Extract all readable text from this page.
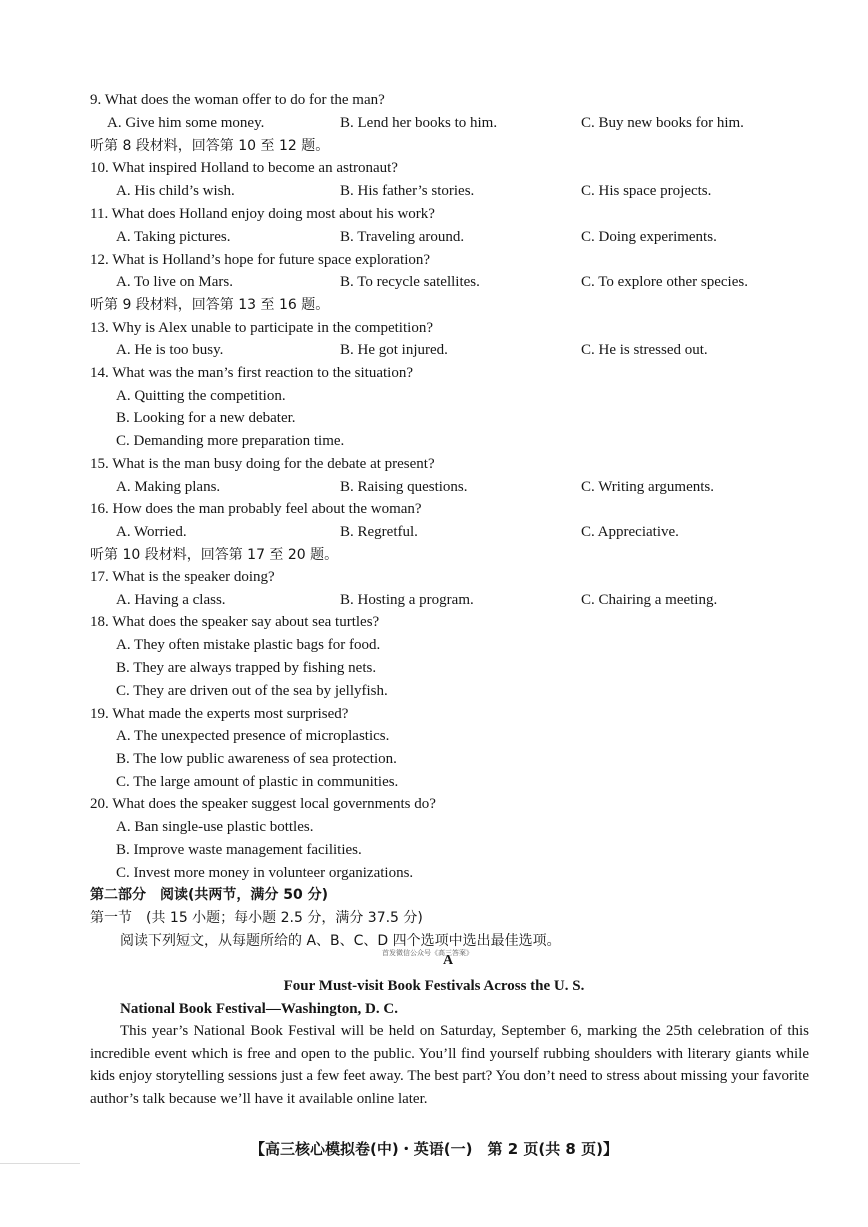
9. What does the woman offer to do for the man?
A. Give him some money.	B. Lend her books to him.	C. Buy new books for him.
听第 8 段材料，回答第 10 至 12 题。
10. What inspired Holland to become an astronaut?
A. His child’s wish.	B. His father’s stories.	C. His space projects.
11. What does Holland enjoy doing most about his work?
A. Taking pictures.	B. Traveling around.	C. Doing experiments.
12. What is Holland’s hope for future space exploration?
A. To live on Mars.	B. To recycle satellites.	C. To explore other species.
听第 9 段材料，回答第 13 至 16 题。
13. Why is Alex unable to participate in the competition?
A. He is too busy.	B. He got injured.	C. He is stressed out.
14. What was the man’s first reaction to the situation?
A. Quitting the competition.
B. Looking for a new debater.
C. Demanding more preparation time.
15. What is the man busy doing for the debate at present?
A. Making plans.	B. Raising questions.	C. Writing arguments.
16. How does the man probably feel about the woman?
A. Worried.	B. Regretful.	C. Appreciative.
听第 10 段材料，回答第 17 至 20 题。
17. What is the speaker doing?
A. Having a class.	B. Hosting a program.	C. Chairing a meeting.
18. What does the speaker say about sea turtles?
A. They often mistake plastic bags for food.
B. They are always trapped by fishing nets.
C. They are driven out of the sea by jellyfish.
19. What made the experts most surprised?
A. The unexpected presence of microplastics.
B. The low public awareness of sea protection.
C. The large amount of plastic in communities.
20. What does the speaker suggest local governments do?
A. Ban single-use plastic bottles.
B. Improve waste management facilities.
C. Invest more money in volunteer organizations.
第二部分　阅读(共两节，满分 50 分)
第一节　(共 15 小题；每小题 2.5 分，满分 37.5 分)
阅读下列短文，从每题所给的 A、B、C、D 四个选项中选出最佳选项。
A
首发微信公众号《高三答案》
Four Must-visit Book Festivals Across the U. S.
National Book Festival—Washington, D. C.
This year’s National Book Festival will be held on Saturday, September 6, marking the 25th celebration of this incredible event which is free and open to the public. You’ll find yourself rubbing shoulders with literary giants while kids enjoy storytelling sessions just a few feet away. The best part? You don’t need to stress about missing your favorite author’s talk because we’ll have it available online later.
【高三核心模拟卷(中)・英语(一)　第 2 页(共 8 页)】
